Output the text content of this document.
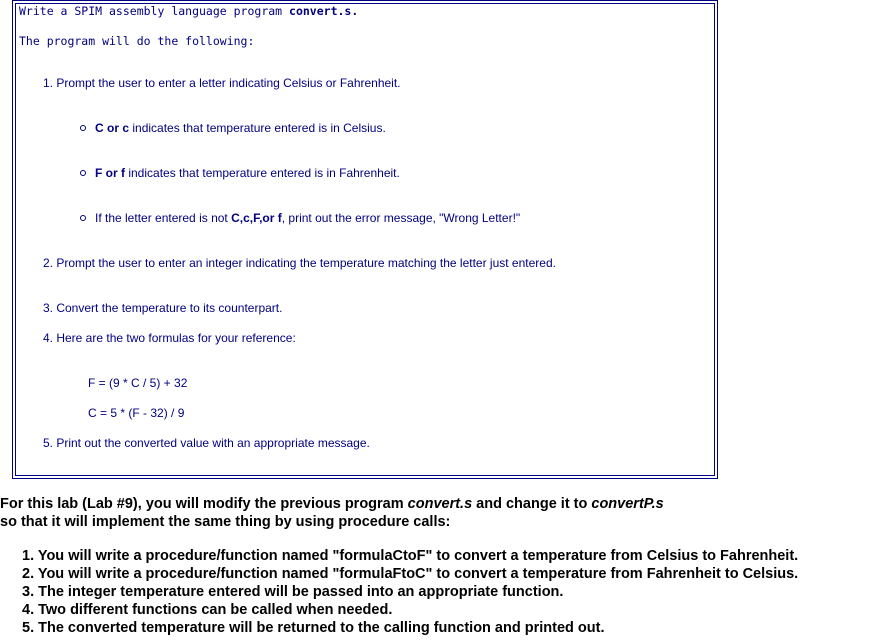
Write a SPIM assembly language program convert.s.
The program will do the following:
1. Prompt the user to enter a letter indicating Celsius or Fahrenheit.
C or c indicates that temperature entered is in Celsius.
F or f indicates that temperature entered is in Fahrenheit.
If the letter entered is not C,c,F,or f, print out the error message, "Wrong Letter!"
2. Prompt the user to enter an integer indicating the temperature matching the letter just entered.
3. Convert the temperature to its counterpart.
4. Here are the two formulas for your reference:
F = (9 * C / 5) + 32
C = 5 * (F - 32) / 9
5. Print out the converted value with an appropriate message.
For this lab (Lab #9), you will modify the previous program convert.s and change it to convertP.s
so that it will implement the same thing by using procedure calls:
1. You will write a procedure/function named "formulaCtoF" to convert a temperature from Celsius to Fahrenheit.
2. You will write a procedure/function named "formulaFtoC" to convert a temperature from Fahrenheit to Celsius.
3. The integer temperature entered will be passed into an appropriate function.
4. Two different functions can be called when needed.
5. The converted temperature will be returned to the calling function and printed out.
